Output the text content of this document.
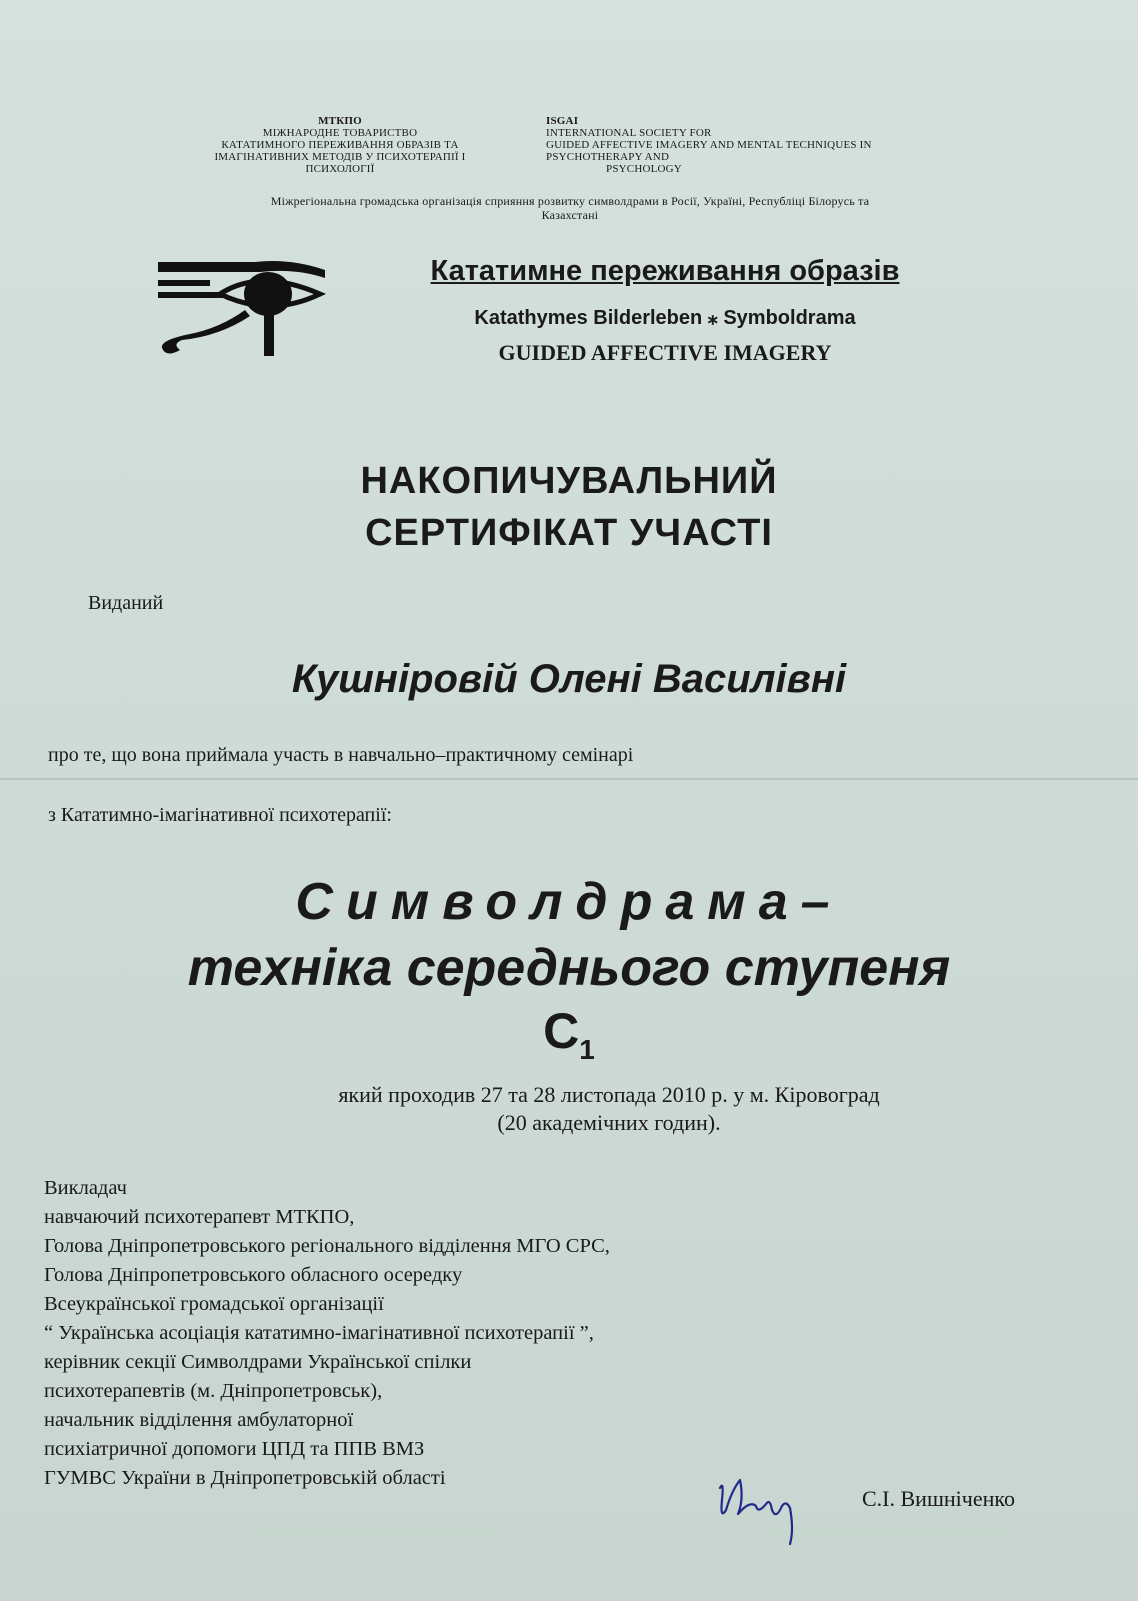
МТКПО
МІЖНАРОДНЕ ТОВАРИСТВО
КАТАТИМНОГО ПЕРЕЖИВАННЯ ОБРАЗІВ ТА
ІМАГІНАТИВНИХ МЕТОДІВ У ПСИХОТЕРАПІЇ І
ПСИХОЛОГІЇ
ISGAI
INTERNATIONAL SOCIETY FOR
GUIDED AFFECTIVE IMAGERY AND MENTAL TECHNIQUES IN
PSYCHOTHERAPY AND
PSYCHOLOGY
Міжрегіональна громадська організація сприяння розвитку символдрами в Росії, Україні, Республіці Білорусь та
Казахстані
Кататимне переживання образів
Katathymes Bilderleben ⁎ Symboldrama
GUIDED AFFECTIVE IMAGERY
НАКОПИЧУВАЛЬНИЙ
СЕРТИФІКАТ УЧАСТІ
Виданий
Кушніровій Олені Василівні
про те, що вона приймала участь в навчально–практичному семінарі
з Кататимно-імагінативної психотерапії:
Символдрама–
техніка середнього ступеня
$С_1$
який проходив 27 та 28 листопада 2010 р. у м. Кіровоград
(20 академічних годин).
Викладач
навчаючий психотерапевт МТКПО,
Голова Дніпропетровського регіонального відділення МГО СРС,
Голова Дніпропетровського обласного осередку
Всеукраїнської громадської організації
“ Українська асоціація кататимно-імагінативної психотерапії ”,
керівник секції Символдрами Української спілки
психотерапевтів (м. Дніпропетровськ),
начальник відділення амбулаторної
психіатричної допомоги ЦПД та ППВ ВМЗ
ГУМВС України в Дніпропетровській області
С.І. Вишніченко
